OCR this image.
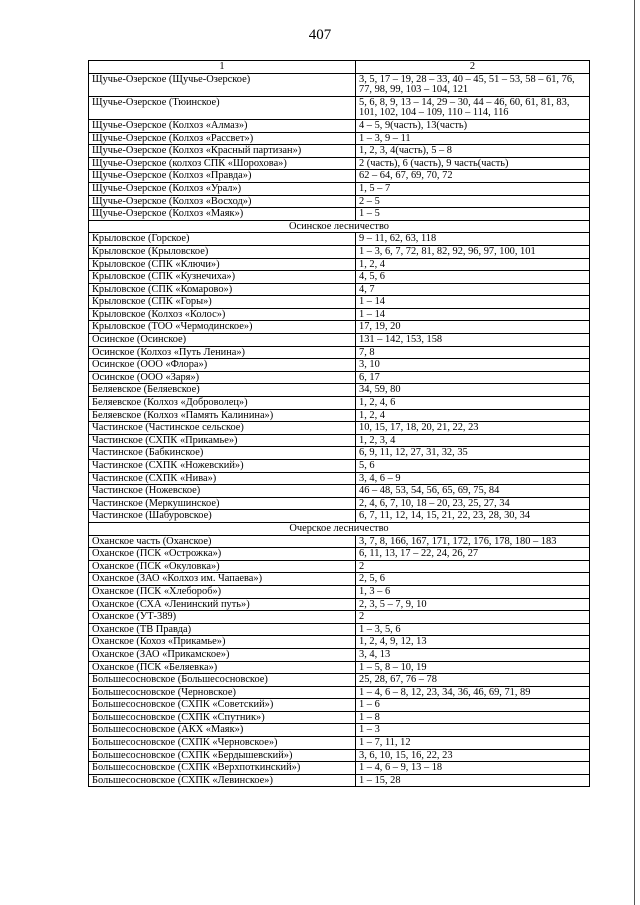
407
1	2
Щучье-Озерское (Щучье-Озерское)	3, 5, 17 – 19, 28 – 33, 40 – 45, 51 – 53, 58 – 61, 76, 77, 98, 99, 103 – 104, 121
Щучье-Озерское (Тюинское)	5, 6, 8, 9, 13 – 14, 29 – 30, 44 – 46, 60, 61, 81, 83, 101, 102, 104 – 109, 110 – 114, 116
Щучье-Озерское (Колхоз «Алмаз»)	4 – 5, 9(часть), 13(часть)
Щучье-Озерское (Колхоз «Рассвет»)	1 – 3, 9 – 11
Щучье-Озерское (Колхоз «Красный партизан»)	1, 2, 3, 4(часть), 5 – 8
Щучье-Озерское (колхоз СПК «Шорохова»)	2 (часть), 6 (часть), 9 часть(часть)
Щучье-Озерское (Колхоз «Правда»)	62 – 64, 67, 69, 70, 72
Щучье-Озерское (Колхоз «Урал»)	1, 5 – 7
Щучье-Озерское (Колхоз «Восход»)	2 – 5
Щучье-Озерское (Колхоз «Маяк»)	1 – 5
Осинское лесничество	
Крыловское (Горское)	9 – 11, 62, 63, 118
Крыловское (Крыловское)	1 – 3, 6, 7, 72, 81, 82, 92, 96, 97, 100, 101
Крыловское (СПК «Ключи»)	1, 2, 4
Крыловское (СПК «Кузнечиха»)	4, 5, 6
Крыловское (СПК «Комарово»)	4, 7
Крыловское (СПК «Горы»)	1 – 14
Крыловское (Колхоз «Колос»)	1 – 14
Крыловское (ТОО «Чермодинское»)	17, 19, 20
Осинское (Осинское)	131 – 142, 153, 158
Осинское (Колхоз «Путь Ленина»)	7, 8
Осинское (ООО «Флора»)	3, 10
Осинское (ООО «Заря»)	6, 17
Беляевское (Беляевское)	34, 59, 80
Беляевское (Колхоз «Доброволец»)	1, 2, 4, 6
Беляевское (Колхоз «Память Калинина»)	1, 2, 4
Частинское (Частинское сельское)	10, 15, 17, 18, 20, 21, 22, 23
Частинское (СХПК «Прикамье»)	1, 2, 3, 4
Частинское (Бабкинское)	6, 9, 11, 12, 27, 31, 32, 35
Частинское (СХПК «Ножевский»)	5, 6
Частинское (СХПК «Нива»)	3, 4, 6 – 9
Частинское (Ножевское)	46 – 48, 53, 54, 56, 65, 69, 75, 84
Частинское (Меркушинское)	2, 4, 6, 7, 10, 18 – 20, 23, 25, 27, 34
Частинское (Шабуровское)	6, 7, 11, 12, 14, 15, 21, 22, 23, 28, 30, 34
Очерское лесничество	
Оханское часть (Оханское)	3, 7, 8, 166, 167, 171, 172, 176, 178, 180 – 183
Оханское (ПСК «Острожка»)	6, 11, 13, 17 – 22, 24, 26, 27
Оханское (ПСК «Окуловка»)	2
Оханское (ЗАО «Колхоз им. Чапаева»)	2, 5, 6
Оханское (ПСК «Хлебороб»)	1, 3 – 6
Оханское (СХА «Ленинский путь»)	2, 3, 5 – 7, 9, 10
Оханское (УТ-389)	2
Оханское (ТВ Правда)	1 – 3, 5, 6
Оханское (Кохоз «Прикамье»)	1, 2, 4, 9, 12, 13
Оханское (ЗАО «Прикамское»)	3, 4, 13
Оханское (ПСК «Беляевка»)	1 – 5, 8 – 10, 19
Большесосновское (Большесосновское)	25, 28, 67, 76 – 78
Большесосновское (Черновское)	1 – 4, 6 – 8, 12, 23, 34, 36, 46, 69, 71, 89
Большесосновское (СХПК «Советский»)	1 – 6
Большесосновское (СХПК «Спутник»)	1 – 8
Большесосновское (АКХ «Маяк»)	1 – 3
Большесосновское (СХПК «Черновское»)	1 – 7, 11, 12
Большесосновское (СХПК «Бердышевский»)	3, 6, 10, 15, 16, 22, 23
Большесосновское (СХПК «Верхпоткинский»)	1 – 4, 6 – 9, 13 – 18
Большесосновское (СХПК «Левинское»)	1 – 15, 28
